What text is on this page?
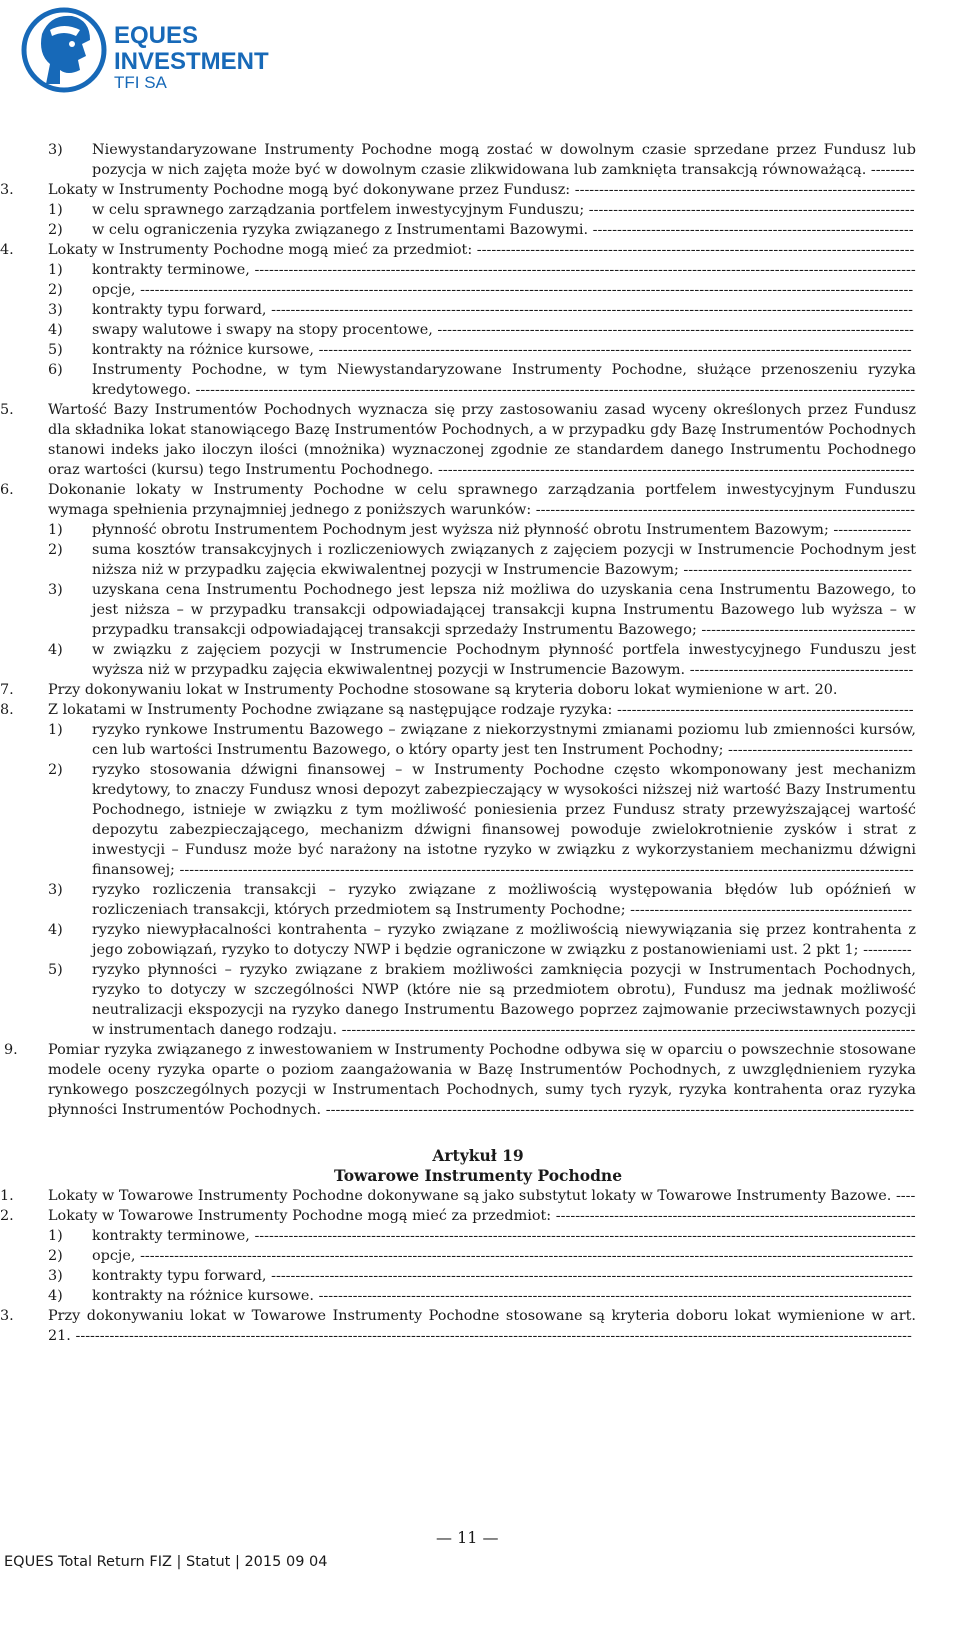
EQUES
INVESTMENT
TFI SA
3) Niewystandaryzowane Instrumenty Pochodne mogą zostać w dowolnym czasie sprzedane przez Fundusz lub pozycja w nich zajęta może być w dowolnym czasie zlikwidowana lub zamknięta transakcją równoważącą. ---------
3. Lokaty w Instrumenty Pochodne mogą być dokonywane przez Fundusz: ----------------------------------------------------------------------
1) w celu sprawnego zarządzania portfelem inwestycyjnym Funduszu; -------------------------------------------------------------------
2) w celu ograniczenia ryzyka związanego z Instrumentami Bazowymi. ------------------------------------------------------------------
4. Lokaty w Instrumenty Pochodne mogą mieć za przedmiot: ------------------------------------------------------------------------------------------
1) kontrakty terminowe, ----------------------------------------------------------------------------------------------------------------------------------------
2) opcje, ---------------------------------------------------------------------------------------------------------------------------------------------------------------
3) kontrakty typu forward, ------------------------------------------------------------------------------------------------------------------------------------
4) swapy walutowe i swapy na stopy procentowe, --------------------------------------------------------------------------------------------------
5) kontrakty na różnice kursowe, --------------------------------------------------------------------------------------------------------------------------
6) Instrumenty Pochodne, w tym Niewystandaryzowane Instrumenty Pochodne, służące przenoszeniu ryzyka kredytowego. ----------------------------------------------------------------------------------------------------------------------------------------------------
5. Wartość Bazy Instrumentów Pochodnych wyznacza się przy zastosowaniu zasad wyceny określonych przez Fundusz dla składnika lokat stanowiącego Bazę Instrumentów Pochodnych, a w przypadku gdy Bazę Instrumentów Pochodnych stanowi indeks jako iloczyn ilości (mnożnika) wyznaczonej zgodnie ze standardem danego Instrumentu Pochodnego oraz wartości (kursu) tego Instrumentu Pochodnego. --------------------------------------------------------------------------------------------------
6. Dokonanie lokaty w Instrumenty Pochodne w celu sprawnego zarządzania portfelem inwestycyjnym Funduszu wymaga spełnienia przynajmniej jednego z poniższych warunków: ------------------------------------------------------------------------------
1) płynność obrotu Instrumentem Pochodnym jest wyższa niż płynność obrotu Instrumentem Bazowym; ----------------
2) suma kosztów transakcyjnych i rozliczeniowych związanych z zajęciem pozycji w Instrumencie Pochodnym jest niższa niż w przypadku zajęcia ekwiwalentnej pozycji w Instrumencie Bazowym; -----------------------------------------------
3) uzyskana cena Instrumentu Pochodnego jest lepsza niż możliwa do uzyskania cena Instrumentu Bazowego, to jest niższa – w przypadku transakcji odpowiadającej transakcji kupna Instrumentu Bazowego lub wyższa – w przypadku transakcji odpowiadającej transakcji sprzedaży Instrumentu Bazowego; --------------------------------------------
4) w związku z zajęciem pozycji w Instrumencie Pochodnym płynność portfela inwestycyjnego Funduszu jest wyższa niż w przypadku zajęcia ekwiwalentnej pozycji w Instrumencie Bazowym. ----------------------------------------------
7. Przy dokonywaniu lokat w Instrumenty Pochodne stosowane są kryteria doboru lokat wymienione w art. 20.
8. Z lokatami w Instrumenty Pochodne związane są następujące rodzaje ryzyka: -------------------------------------------------------------
1) ryzyko rynkowe Instrumentu Bazowego – związane z niekorzystnymi zmianami poziomu lub zmienności kursów, cen lub wartości Instrumentu Bazowego, o który oparty jest ten Instrument Pochodny; --------------------------------------
2) ryzyko stosowania dźwigni finansowej – w Instrumenty Pochodne często wkomponowany jest mechanizm kredytowy, to znaczy Fundusz wnosi depozyt zabezpieczający w wysokości niższej niż wartość Bazy Instrumentu Pochodnego, istnieje w związku z tym możliwość poniesienia przez Fundusz straty przewyższającej wartość depozytu zabezpieczającego, mechanizm dźwigni finansowej powoduje zwielokrotnienie zysków i strat z inwestycji – Fundusz może być narażony na istotne ryzyko w związku z wykorzystaniem mechanizmu dźwigni finansowej; -------------------------------------------------------------------------------------------------------------------------------------------------------
3) ryzyko rozliczenia transakcji – ryzyko związane z możliwością występowania błędów lub opóźnień w rozliczeniach transakcji, których przedmiotem są Instrumenty Pochodne; ----------------------------------------------------------
4) ryzyko niewypłacalności kontrahenta – ryzyko związane z możliwością niewywiązania się przez kontrahenta z jego zobowiązań, ryzyko to dotyczy NWP i będzie ograniczone w związku z postanowieniami ust. 2 pkt 1; ----------
5) ryzyko płynności – ryzyko związane z brakiem możliwości zamknięcia pozycji w Instrumentach Pochodnych, ryzyko to dotyczy w szczególności NWP (które nie są przedmiotem obrotu), Fundusz ma jednak możliwość neutralizacji ekspozycji na ryzyko danego Instrumentu Bazowego poprzez zajmowanie przeciwstawnych pozycji w instrumentach danego rodzaju. ----------------------------------------------------------------------------------------------------------------------
9. Pomiar ryzyka związanego z inwestowaniem w Instrumenty Pochodne odbywa się w oparciu o powszechnie stosowane modele oceny ryzyka oparte o poziom zaangażowania w Bazę Instrumentów Pochodnych, z uwzględnieniem ryzyka rynkowego poszczególnych pozycji w Instrumentach Pochodnych, sumy tych ryzyk, ryzyka kontrahenta oraz ryzyka płynności Instrumentów Pochodnych. -------------------------------------------------------------------------------------------------------------------------
Artykuł 19
Towarowe Instrumenty Pochodne
1. Lokaty w Towarowe Instrumenty Pochodne dokonywane są jako substytut lokaty w Towarowe Instrumenty Bazowe. ----
2. Lokaty w Towarowe Instrumenty Pochodne mogą mieć za przedmiot: --------------------------------------------------------------------------
1) kontrakty terminowe, ----------------------------------------------------------------------------------------------------------------------------------------
2) opcje, ---------------------------------------------------------------------------------------------------------------------------------------------------------------
3) kontrakty typu forward, ------------------------------------------------------------------------------------------------------------------------------------
4) kontrakty na różnice kursowe. --------------------------------------------------------------------------------------------------------------------------
3. Przy dokonywaniu lokat w Towarowe Instrumenty Pochodne stosowane są kryteria doboru lokat wymienione w art. 21. ----------------------------------------------------------------------------------------------------------------------------------------------------------------------------
— 11 —
EQUES Total Return FIZ | Statut | 2015 09 04
